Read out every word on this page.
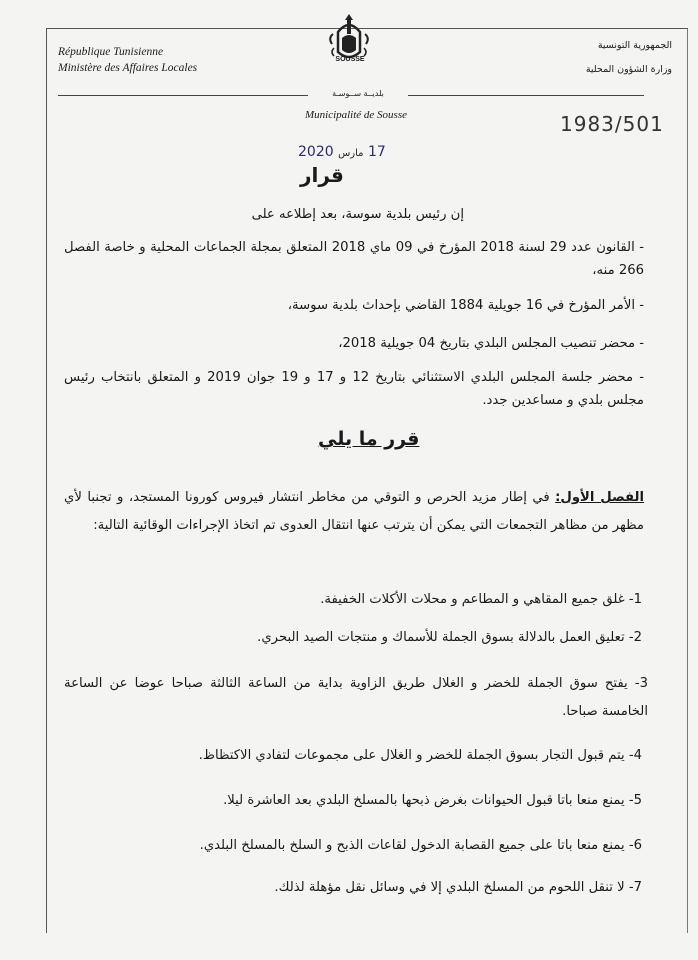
République Tunisienne
Ministère des Affaires Locales
الجمهورية التونسية
وزارة الشؤون المحلية
SOUSSE
بلديــة ســوسـة
Municipalité de Sousse	1983/501
17 مارس 2020
قرار
إن رئيس بلدية سوسة، بعد إطلاعه على
- القانون عدد 29 لسنة 2018 المؤرخ في 09 ماي 2018 المتعلق بمجلة الجماعات المحلية و خاصة الفصل 266 منه،
- الأمر المؤرخ في 16 جويلية 1884 القاضي بإحداث بلدية سوسة،
- محضر تنصيب المجلس البلدي بتاريخ 04 جويلية 2018،
- محضر جلسة المجلس البلدي الاستثنائي بتاريخ 12 و 17 و 19 جوان 2019 و المتعلق بانتخاب رئيس مجلس بلدي و مساعدين جدد.
قرر ما يلي
الفصل الأول: في إطار مزيد الحرص و التوقي من مخاطر انتشار فيروس كورونا المستجد، و تجنبا لأي مظهر من مظاهر التجمعات التي يمكن أن يترتب عنها انتقال العدوى تم اتخاذ الإجراءات الوقائية التالية:
1- غلق جميع المقاهي و المطاعم و محلات الأكلات الخفيفة.
2- تعليق العمل بالدلالة بسوق الجملة للأسماك و منتجات الصيد البحري.
3- يفتح سوق الجملة للخضر و الغلال طريق الزاوية بداية من الساعة الثالثة صباحا عوضا عن الساعة الخامسة صباحا.
4- يتم قبول التجار بسوق الجملة للخضر و الغلال على مجموعات لتفادي الاكتظاظ.
5- يمنع منعا باتا قبول الحيوانات بغرض ذبحها بالمسلخ البلدي بعد العاشرة ليلا.
6- يمنع منعا باتا على جميع القصابة الدخول لقاعات الذبح و السلخ بالمسلخ البلدي.
7- لا تنقل اللحوم من المسلخ البلدي إلا في وسائل نقل مؤهلة لذلك.
